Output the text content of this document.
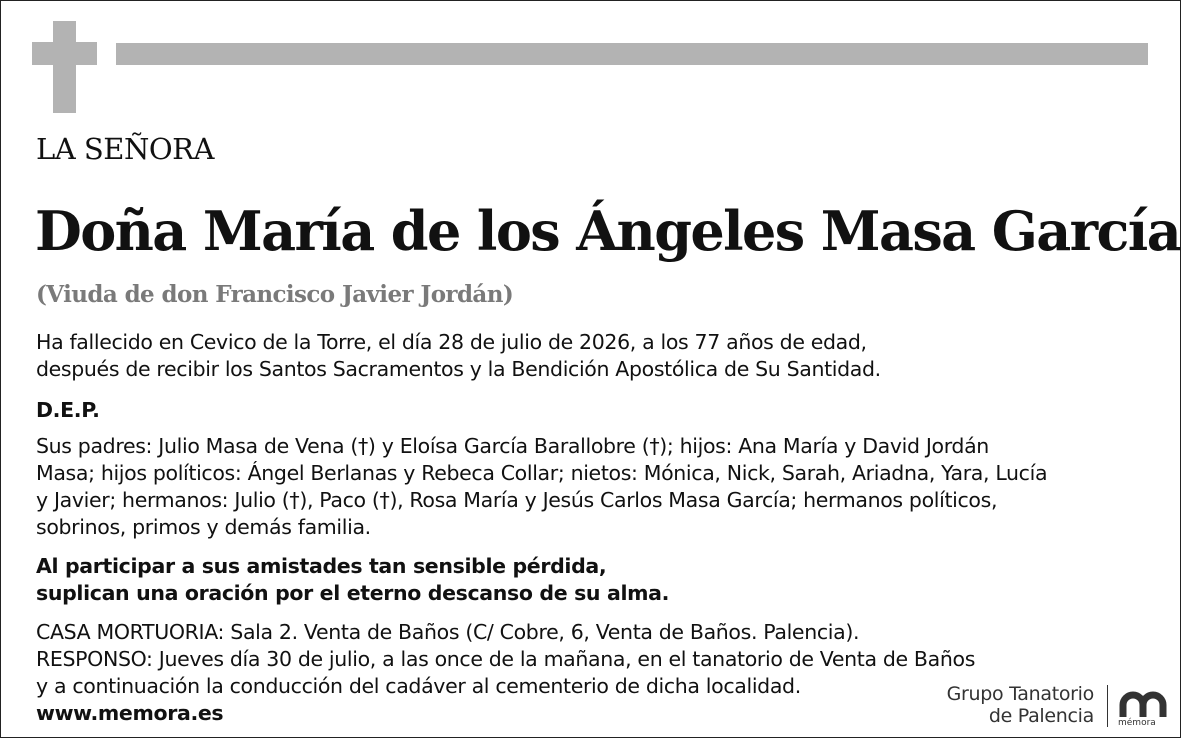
LA SEÑORA
Doña María de los Ángeles Masa García
(Viuda de don Francisco Javier Jordán)
Ha fallecido en Cevico de la Torre, el día 28 de julio de 2026, a los 77 años de edad,
después de recibir los Santos Sacramentos y la Bendición Apostólica de Su Santidad.
D.E.P.
Sus padres: Julio Masa de Vena (†) y Eloísa García Barallobre (†); hijos: Ana María y David Jordán
Masa; hijos políticos: Ángel Berlanas y Rebeca Collar; nietos: Mónica, Nick, Sarah, Ariadna, Yara, Lucía
y Javier; hermanos: Julio (†), Paco (†), Rosa María y Jesús Carlos Masa García; hermanos políticos,
sobrinos, primos y demás familia.
Al participar a sus amistades tan sensible pérdida,
suplican una oración por el eterno descanso de su alma.
CASA MORTUORIA: Sala 2. Venta de Baños (C/ Cobre, 6, Venta de Baños. Palencia).
RESPONSO: Jueves día 30 de julio, a las once de la mañana, en el tanatorio de Venta de Baños
y a continuación la conducción del cadáver al cementerio de dicha localidad.
www.memora.es
Grupo Tanatorio
de Palencia	mémora
